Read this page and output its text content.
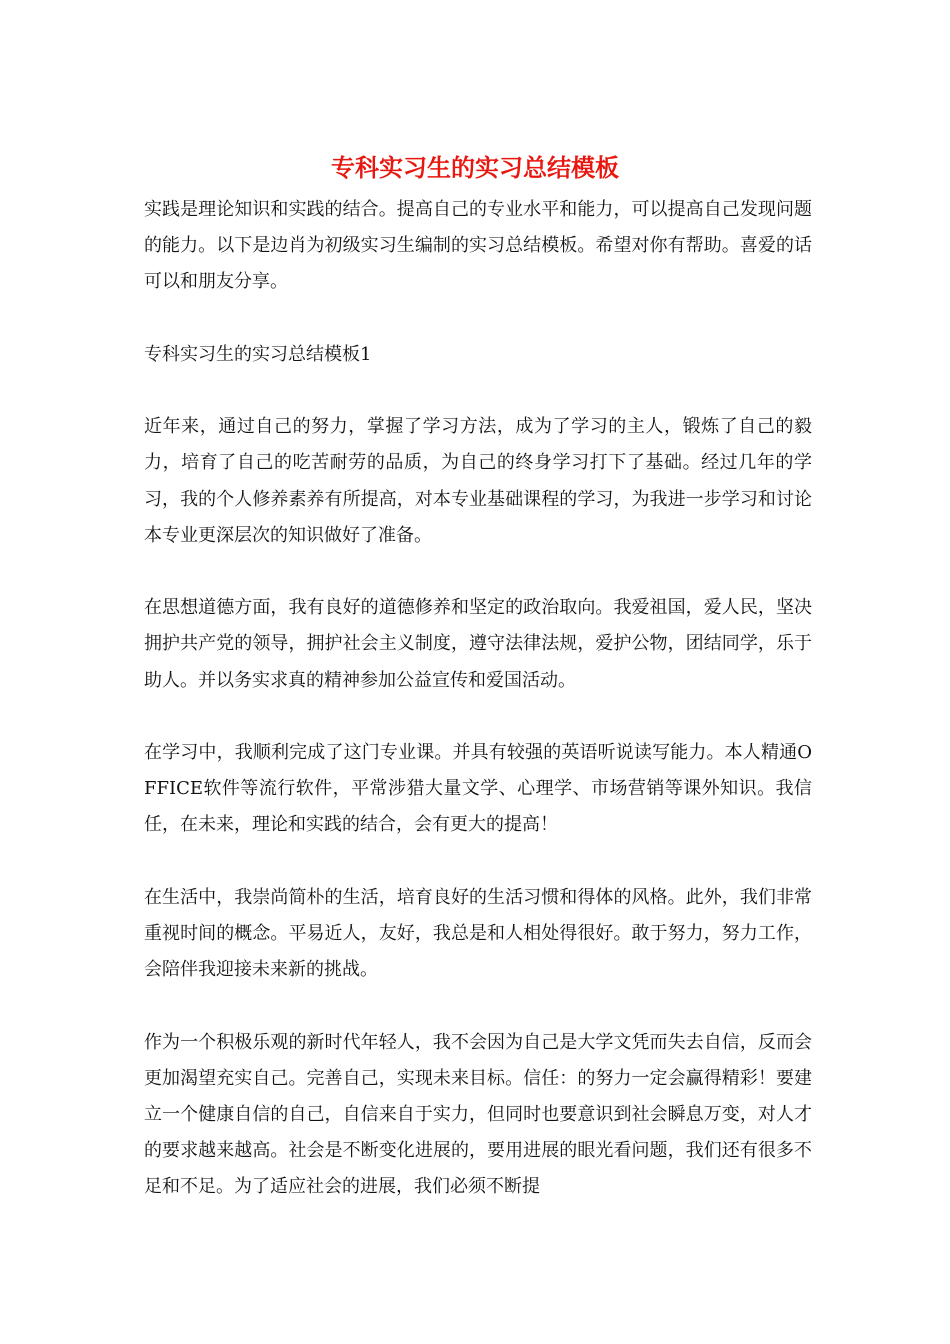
专科实习生的实习总结模板

实践是理论知识和实践的结合。提高自己的专业水平和能力，可以提高自己发现问题的能力。以下是边肖为初级实习生编制的实习总结模板。希望对你有帮助。喜爱的话可以和朋友分享。

专科实习生的实习总结模板1

近年来，通过自己的努力，掌握了学习方法，成为了学习的主人，锻炼了自己的毅力，培育了自己的吃苦耐劳的品质，为自己的终身学习打下了基础。经过几年的学习，我的个人修养素养有所提高，对本专业基础课程的学习，为我进一步学习和讨论本专业更深层次的知识做好了准备。

在思想道德方面，我有良好的道德修养和坚定的政治取向。我爱祖国，爱人民，坚决拥护共产党的领导，拥护社会主义制度，遵守法律法规，爱护公物，团结同学，乐于助人。并以务实求真的精神参加公益宣传和爱国活动。

在学习中，我顺利完成了这门专业课。并具有较强的英语听说读写能力。本人精通OFFICE软件等流行软件，平常涉猎大量文学、心理学、市场营销等课外知识。我信任，在未来，理论和实践的结合，会有更大的提高！

在生活中，我崇尚简朴的生活，培育良好的生活习惯和得体的风格。此外，我们非常重视时间的概念。平易近人，友好，我总是和人相处得很好。敢于努力，努力工作，会陪伴我迎接未来新的挑战。

作为一个积极乐观的新时代年轻人，我不会因为自己是大学文凭而失去自信，反而会更加渴望充实自己。完善自己，实现未来目标。信任：的努力一定会赢得精彩！要建立一个健康自信的自己，自信来自于实力，但同时也要意识到社会瞬息万变，对人才的要求越来越高。社会是不断变化进展的，要用进展的眼光看问题，我们还有很多不足和不足。为了适应社会的进展，我们必须不断提
